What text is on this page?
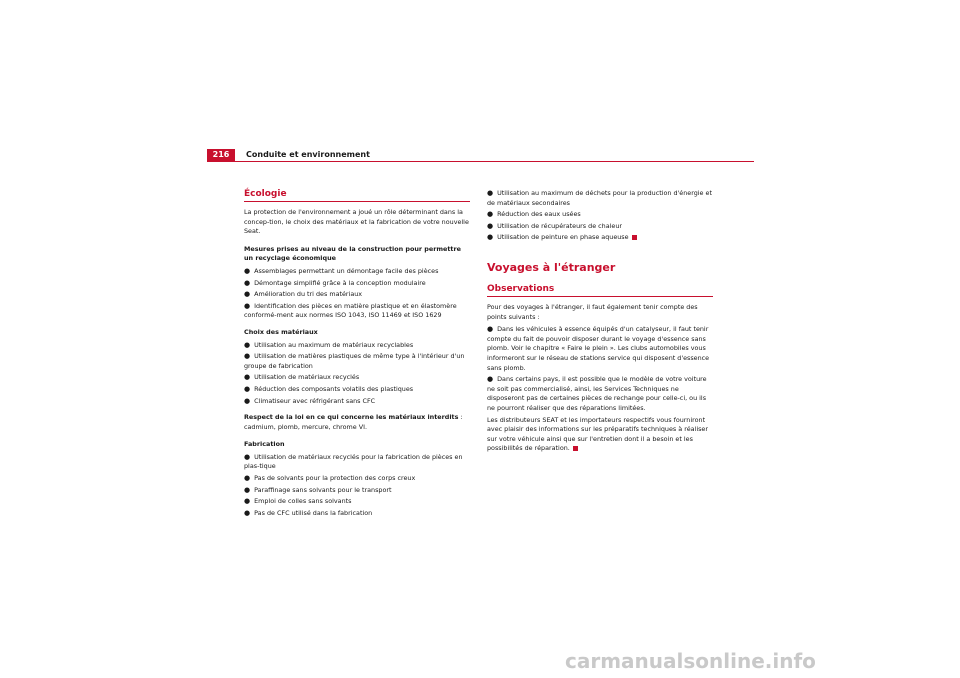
216	Conduite et environnement
Écologie

La protection de l'environnement a joué un rôle déterminant dans la concep-tion, le choix des matériaux et la fabrication de votre nouvelle Seat.

Mesures prises au niveau de la construction pour permettre un recyclage économique

● Assemblages permettant un démontage facile des pièces
● Démontage simplifié grâce à la conception modulaire
● Amélioration du tri des matériaux
● Identification des pièces en matière plastique et en élastomère conformé-ment aux normes ISO 1043, ISO 11469 et ISO 1629

Choix des matériaux

● Utilisation au maximum de matériaux recyclables
● Utilisation de matières plastiques de même type à l'intérieur d'un groupe de fabrication
● Utilisation de matériaux recyclés
● Réduction des composants volatils des plastiques
● Climatiseur avec réfrigérant sans CFC

Respect de la loi en ce qui concerne les matériaux interdits : cadmium, plomb, mercure, chrome VI.

Fabrication

● Utilisation de matériaux recyclés pour la fabrication de pièces en plas-tique
● Pas de solvants pour la protection des corps creux
● Paraffinage sans solvants pour le transport
● Emploi de colles sans solvants
● Pas de CFC utilisé dans la fabrication
● Utilisation au maximum de déchets pour la production d'énergie et de matériaux secondaires
● Réduction des eaux usées
● Utilisation de récupérateurs de chaleur
● Utilisation de peinture en phase aqueuse
Voyages à l'étranger
Observations

Pour des voyages à l'étranger, il faut également tenir compte des points suivants :

● Dans les véhicules à essence équipés d'un catalyseur, il faut tenir compte du fait de pouvoir disposer durant le voyage d'essence sans plomb. Voir le chapitre « Faire le plein ». Les clubs automobiles vous informeront sur le réseau de stations service qui disposent d'essence sans plomb.
● Dans certains pays, il est possible que le modèle de votre voiture ne soit pas commercialisé, ainsi, les Services Techniques ne disposeront pas de certaines pièces de rechange pour celle-ci, ou ils ne pourront réaliser que des réparations limitées.

Les distributeurs SEAT et les importateurs respectifs vous fourniront avec plaisir des informations sur les préparatifs techniques à réaliser sur votre véhicule ainsi que sur l'entretien dont il a besoin et les possibilités de réparation.

carmanualsonline.info
